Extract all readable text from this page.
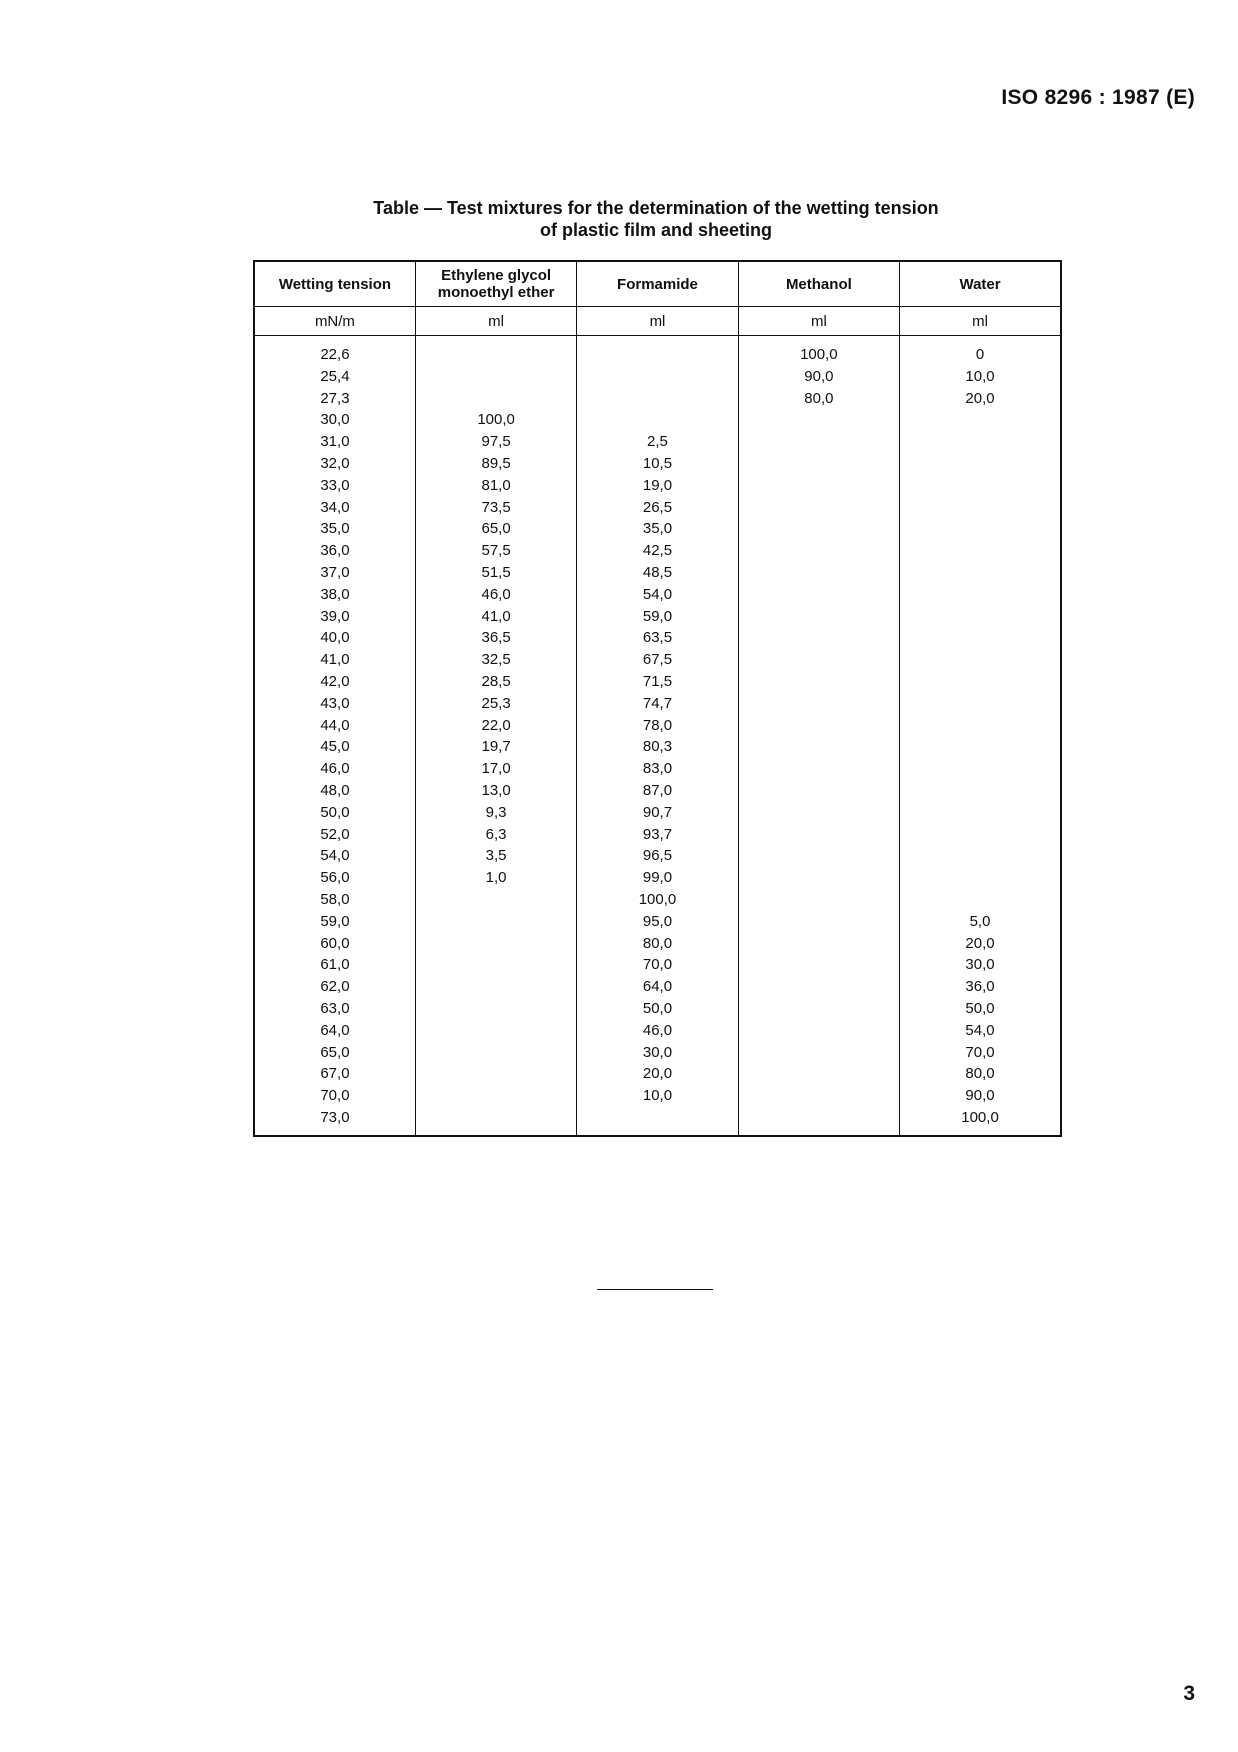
ISO 8296 : 1987 (E)
Table — Test mixtures for the determination of the wetting tension
of plastic film and sheeting
Wetting tension	Ethylene glycol monoethyl ether	Formamide	Methanol	Water
mN/m	ml	ml	ml	ml
22,6			100,0	0
25,4			90,0	10,0
27,3			80,0	20,0
30,0	100,0			
31,0	97,5	2,5		
32,0	89,5	10,5		
33,0	81,0	19,0		
34,0	73,5	26,5		
35,0	65,0	35,0		
36,0	57,5	42,5		
37,0	51,5	48,5		
38,0	46,0	54,0		
39,0	41,0	59,0		
40,0	36,5	63,5		
41,0	32,5	67,5		
42,0	28,5	71,5		
43,0	25,3	74,7		
44,0	22,0	78,0		
45,0	19,7	80,3		
46,0	17,0	83,0		
48,0	13,0	87,0		
50,0	9,3	90,7		
52,0	6,3	93,7		
54,0	3,5	96,5		
56,0	1,0	99,0		
58,0		100,0		
59,0		95,0		5,0
60,0		80,0		20,0
61,0		70,0		30,0
62,0		64,0		36,0
63,0		50,0		50,0
64,0		46,0		54,0
65,0		30,0		70,0
67,0		20,0		80,0
70,0		10,0		90,0
73,0				100,0
3
